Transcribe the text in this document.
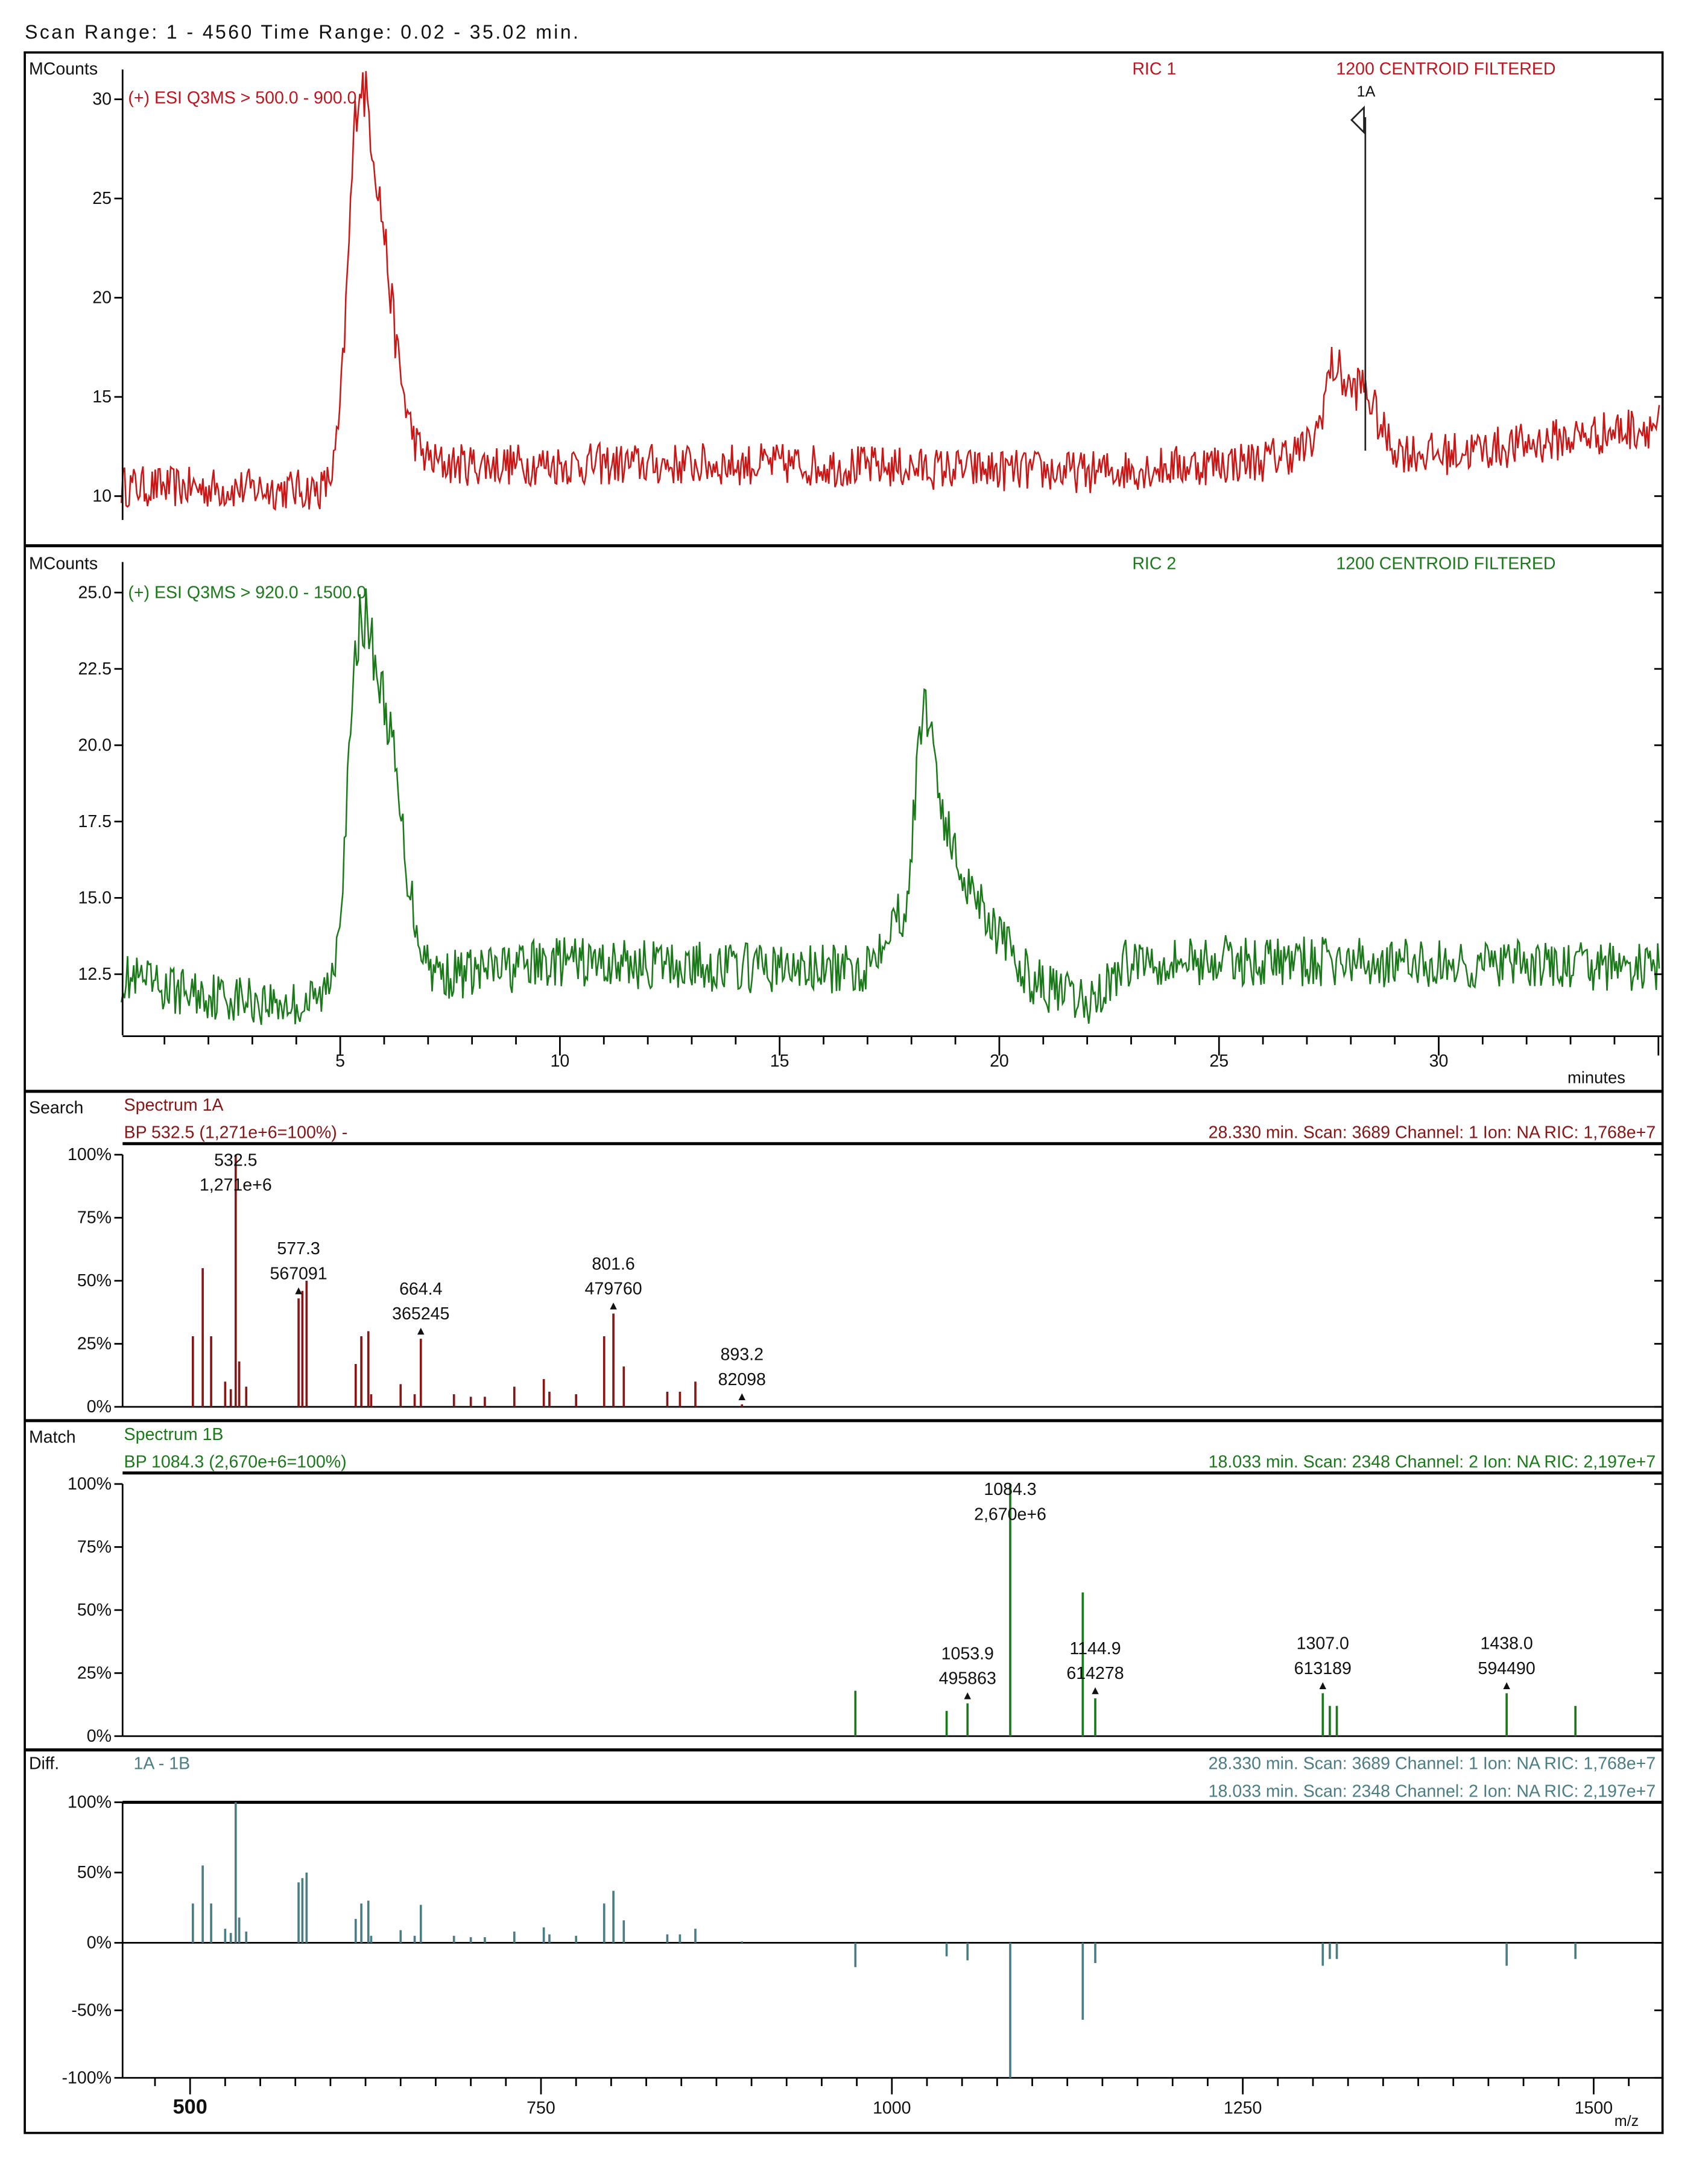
Scan Range: 1 - 4560 Time Range: 0.02 - 35.02 min.
MCounts
(+) ESI Q3MS > 500.0 - 900.0
RIC 1	1200 CENTROID FILTERED
1A
10
15
20
25
30
MCounts
(+) ESI Q3MS > 920.0 - 1500.0
RIC 2	1200 CENTROID FILTERED
minutes
12.5
15.0
17.5
20.0
22.5
25.0
5	10	15	20	25	30
Search	Spectrum 1A
BP 532.5 (1,271e+6=100%) -	28.330 min. Scan: 3689 Channel: 1 Ion: NA RIC: 1,768e+7
0%
25%
50%
75%
100%	532.5
1,271e+6
577.3
567091
664.4
365245
801.6
479760
893.2
82098
Match	Spectrum 1B
BP 1084.3 (2,670e+6=100%)	18.033 min. Scan: 2348 Channel: 2 Ion: NA RIC: 2,197e+7
0%
25%
50%
75%
100%	1084.3
2,670e+6
1053.9
495863
1144.9
614278
1307.0
613189
1438.0
594490
Diff.	1A - 1B	28.330 min. Scan: 3689 Channel: 1 Ion: NA RIC: 1,768e+7
18.033 min. Scan: 2348 Channel: 2 Ion: NA RIC: 2,197e+7
m/z
-100%
-50%
0%
50%
100%
500	750	1000	1250	1500
